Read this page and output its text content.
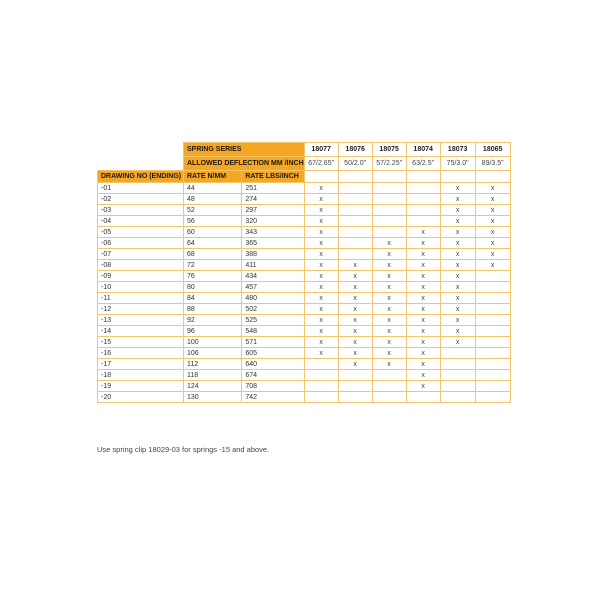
	SPRING SERIES		18077	18076	18075	18074	18073	18065
	ALLOWED DEFLECTION MM /INCH		67/2.65"	50/2.0"	57/2.25"	63/2.5"	75/3.0"	89/3.5"
DRAWING NO (ENDING)	RATE N/MM	RATE LBS/INCH						
-01	44	251	x				x	x
-02	48	274	x				x	x
-03	52	297	x				x	x
-04	56	320	x				x	x
-05	60	343	x			x	x	x
-06	64	365	x		x	x	x	x
-07	68	388	x		x	x	x	x
-08	72	411	x	x	x	x	x	x
-09	76	434	x	x	x	x	x	
-10	80	457	x	x	x	x	x	
-11	84	480	x	x	x	x	x	
-12	88	502	x	x	x	x	x	
-13	92	525	x	x	x	x	x	
-14	96	548	x	x	x	x	x	
-15	100	571	x	x	x	x	x	
-16	106	605	x	x	x	x		
-17	112	640		x	x	x		
-18	118	674				x		
-19	124	708				x		
-20	130	742						
Use spring clip 18029-03 for springs -15 and above.
